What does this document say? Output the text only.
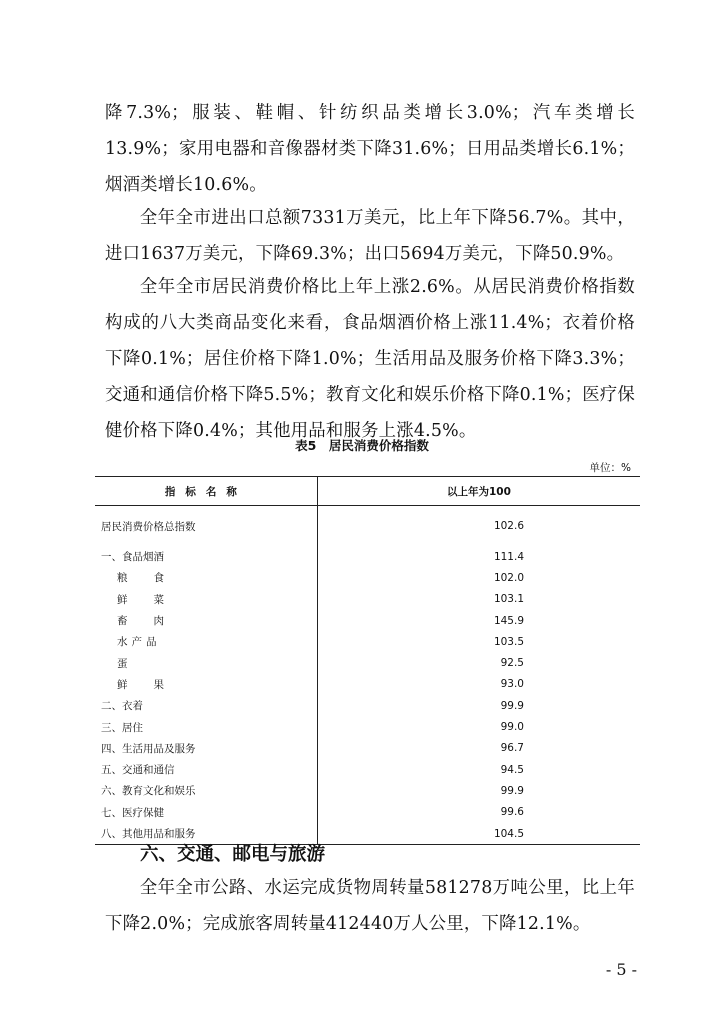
降7.3%；服装、鞋帽、针纺织品类增长3.0%；汽车类增长13.9%；家用电器和音像器材类下降31.6%；日用品类增长6.1%；烟酒类增长10.6%。

全年全市进出口总额7331万美元，比上年下降56.7%。其中，进口1637万美元，下降69.3%；出口5694万美元，下降50.9%。

全年全市居民消费价格比上年上涨2.6%。从居民消费价格指数构成的八大类商品变化来看，食品烟酒价格上涨11.4%；衣着价格下降0.1%；居住价格下降1.0%；生活用品及服务价格下降3.3%；交通和通信价格下降5.5%；教育文化和娱乐价格下降0.1%；医疗保健价格下降0.4%；其他用品和服务上涨4.5%。

表5　居民消费价格指数
单位：%
指标名称	以上年为100
居民消费价格总指数	102.6
一、食品烟酒	111.4
粮食	102.0
鲜菜	103.1
畜肉	145.9
水产品	103.5
蛋	92.5
鲜果	93.0
二、衣着	99.9
三、居住	99.0
四、生活用品及服务	96.7
五、交通和通信	94.5
六、教育文化和娱乐	99.9
七、医疗保健	99.6
八、其他用品和服务	104.5
六、交通、邮电与旅游

全年全市公路、水运完成货物周转量581278万吨公里，比上年下降2.0%；完成旅客周转量412440万人公里，下降12.1%。

- 5 -
